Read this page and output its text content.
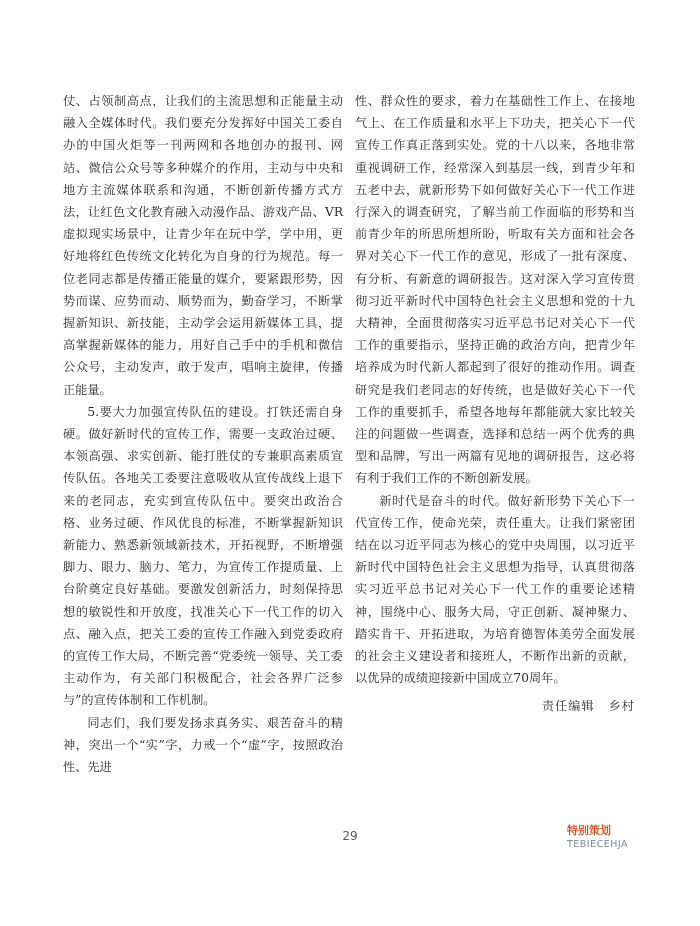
仗、占领制高点，让我们的主流思想和正能量主动融入全媒体时代。我们要充分发挥好中国关工委自办的中国火炬等一刊两网和各地创办的报刊、网站、微信公众号等多种媒介的作用，主动与中央和地方主流媒体联系和沟通，不断创新传播方式方法，让红色文化教育融入动漫作品、游戏产品、VR虚拟现实场景中，让青少年在玩中学，学中用，更好地将红色传统文化转化为自身的行为规范。每一位老同志都是传播正能量的媒介，要紧跟形势，因势而谋、应势而动、顺势而为，勤奋学习，不断掌握新知识、新技能，主动学会运用新媒体工具，提高掌握新媒体的能力，用好自己手中的手机和微信公众号，主动发声，敢于发声，唱响主旋律，传播正能量。

5.要大力加强宣传队伍的建设。打铁还需自身硬。做好新时代的宣传工作，需要一支政治过硬、本领高强、求实创新、能打胜仗的专兼职高素质宣传队伍。各地关工委要注意吸收从宣传战线上退下来的老同志，充实到宣传队伍中。要突出政治合格、业务过硬、作风优良的标准，不断掌握新知识新能力、熟悉新领域新技术，开拓视野，不断增强脚力、眼力、脑力、笔力，为宣传工作提质量、上台阶奠定良好基础。要激发创新活力，时刻保持思想的敏锐性和开放度，找准关心下一代工作的切入点、融入点，把关工委的宣传工作融入到党委政府的宣传工作大局，不断完善“党委统一领导、关工委主动作为，有关部门积极配合，社会各界广泛参与”的宣传体制和工作机制。

同志们，我们要发扬求真务实、艰苦奋斗的精神，突出一个“实”字，力戒一个“虚”字，按照政治性、先进

性、群众性的要求，着力在基础性工作上、在接地气上、在工作质量和水平上下功夫，把关心下一代宣传工作真正落到实处。党的十八以来，各地非常重视调研工作，经常深入到基层一线，到青少年和五老中去，就新形势下如何做好关心下一代工作进行深入的调查研究，了解当前工作面临的形势和当前青少年的所思所想所盼，听取有关方面和社会各界对关心下一代工作的意见，形成了一批有深度、有分析、有新意的调研报告。这对深入学习宣传贯彻习近平新时代中国特色社会主义思想和党的十九大精神，全面贯彻落实习近平总书记对关心下一代工作的重要指示，坚持正确的政治方向，把青少年培养成为时代新人都起到了很好的推动作用。调查研究是我们老同志的好传统，也是做好关心下一代工作的重要抓手，希望各地每年都能就大家比较关注的问题做一些调查，选择和总结一两个优秀的典型和品牌，写出一两篇有见地的调研报告，这必将有利于我们工作的不断创新发展。

新时代是奋斗的时代。做好新形势下关心下一代宣传工作，使命光荣，责任重大。让我们紧密团结在以习近平同志为核心的党中央周围，以习近平新时代中国特色社会主义思想为指导，认真贯彻落实习近平总书记对关心下一代工作的重要论述精神，围绕中心、服务大局，守正创新、凝神聚力、踏实肯干、开拓进取，为培育德智体美劳全面发展的社会主义建设者和接班人，不断作出新的贡献，以优异的成绩迎接新中国成立70周年。

责任编辑 乡村

29	特别策划
TEBIECEHJA
